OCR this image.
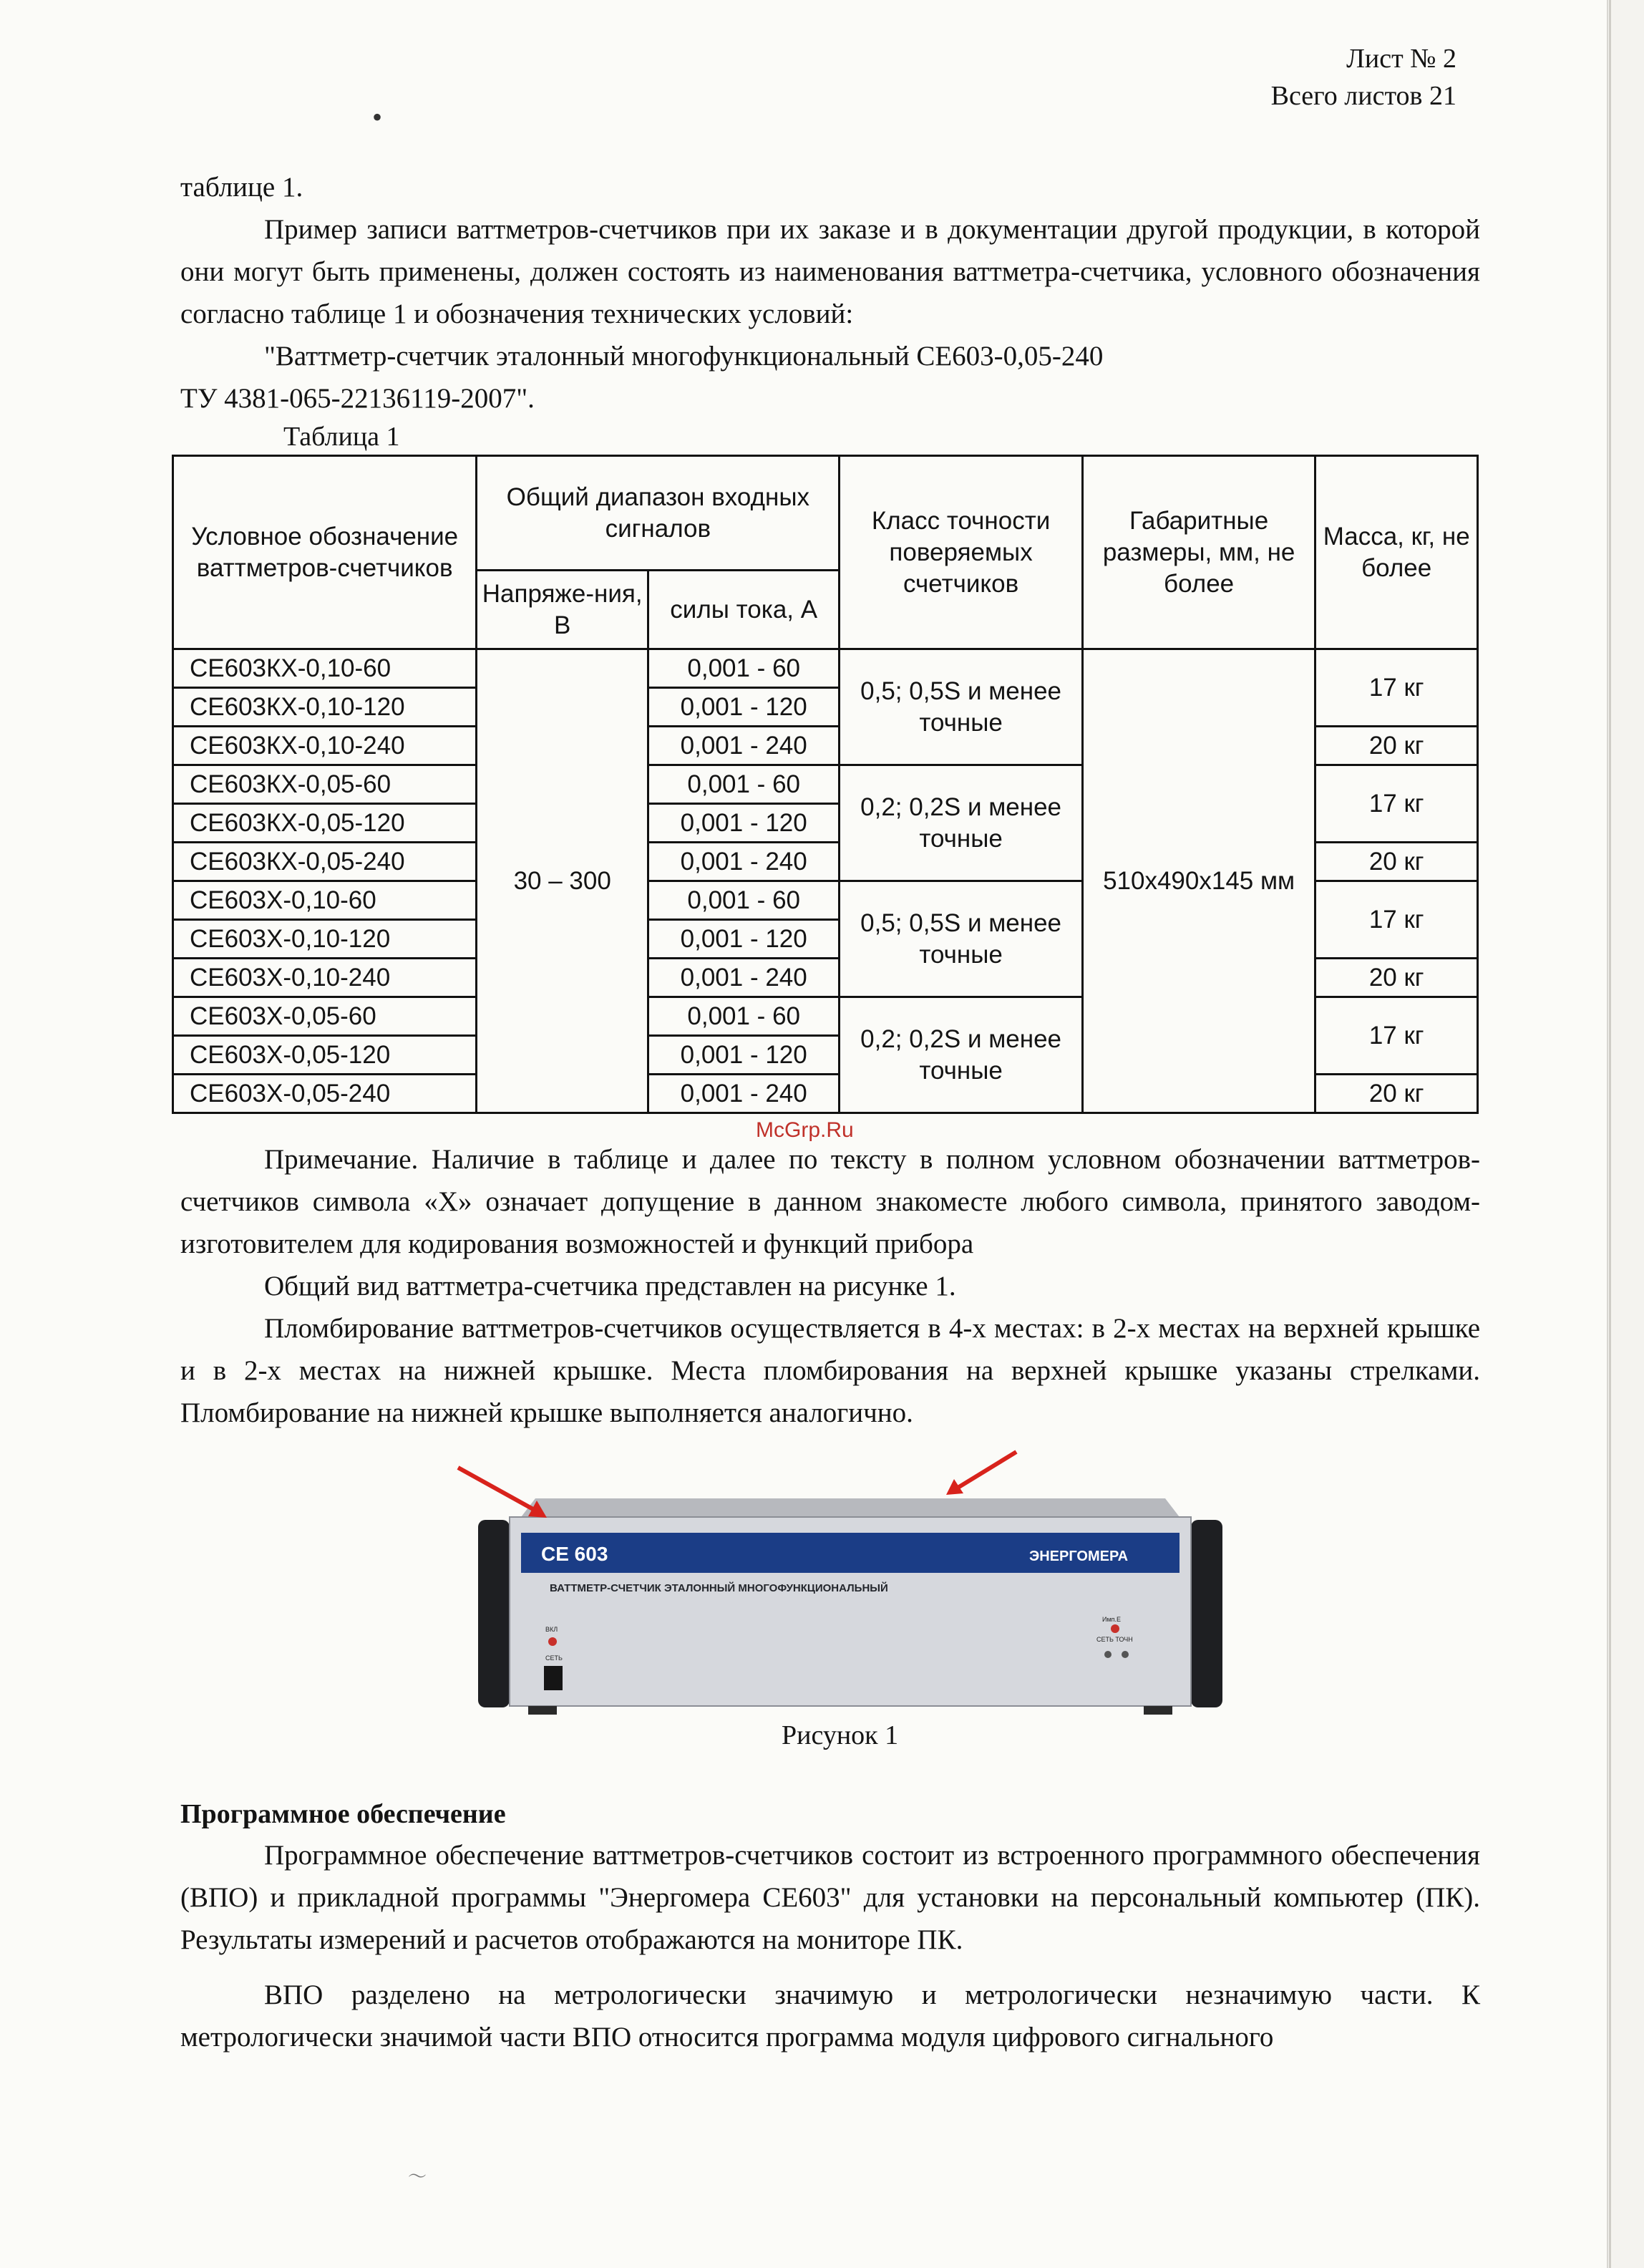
Лист № 2
Всего листов 21
•

таблице 1.

Пример записи ваттметров-счетчиков при их заказе и в документации другой продукции, в которой они могут быть применены, должен состоять из наименования ваттметра-счетчика, условного обозначения согласно таблице 1 и обозначения технических условий:

"Ваттметр-счетчик эталонный многофункциональный СЕ603-0,05-240

ТУ 4381-065-22136119-2007".

Таблица 1
Условное обозначение ваттметров-счетчиков	Общий диапазон входных сигналов		Класс точности поверяемых счетчиков	Габаритные размеры, мм, не более	Масса, кг, не более
	Напряже-ния, В	силы тока, А			
СЕ603КХ-0,10-60	30 – 300	0,001 - 60	0,5; 0,5S и менее точные	510х490х145 мм	17 кг
СЕ603КХ-0,10-120		0,001 - 120			
СЕ603КХ-0,10-240		0,001 - 240			20 кг
СЕ603КХ-0,05-60		0,001 - 60	0,2; 0,2S и менее точные		17 кг
СЕ603КХ-0,05-120		0,001 - 120			
СЕ603КХ-0,05-240		0,001 - 240			20 кг
СЕ603Х-0,10-60		0,001 - 60	0,5; 0,5S и менее точные		17 кг
СЕ603Х-0,10-120		0,001 - 120			
СЕ603Х-0,10-240		0,001 - 240			20 кг
СЕ603Х-0,05-60		0,001 - 60	0,2; 0,2S и менее точные		17 кг
СЕ603Х-0,05-120		0,001 - 120			
СЕ603Х-0,05-240		0,001 - 240			20 кг
McGrp.Ru

Примечание. Наличие в таблице и далее по тексту в полном условном обозначении ваттметров-счетчиков символа «Х» означает допущение в данном знакоместе любого символа, принятого заводом-изготовителем для кодирования возможностей и функций прибора

Общий вид ваттметра-счетчика представлен на рисунке 1.

Пломбирование ваттметров-счетчиков осуществляется в 4-х местах: в 2-х местах на верхней крышке и в 2-х местах на нижней крышке. Места пломбирования на верхней крышке указаны стрелками. Пломбирование на нижней крышке выполняется аналогично.

СЕ 603	ЭНЕРГОМЕРА
ВАТТМЕТР-СЧЕТЧИК ЭТАЛОННЫЙ МНОГОФУНКЦИОНАЛЬНЫЙ
ВКЛ
СЕТЬ
Имп.Е
СЕТЬ ТОЧН
Рисунок 1
Программное обеспечение

Программное обеспечение ваттметров-счетчиков состоит из встроенного программного обеспечения (ВПО) и прикладной программы "Энергомера СЕ603" для установки на персональный компьютер (ПК). Результаты измерений и расчетов отображаются на мониторе ПК.

ВПО разделено на метрологически значимую и метрологически незначимую части. К метрологически значимой части ВПО относится программа модуля цифрового сигнального

～
